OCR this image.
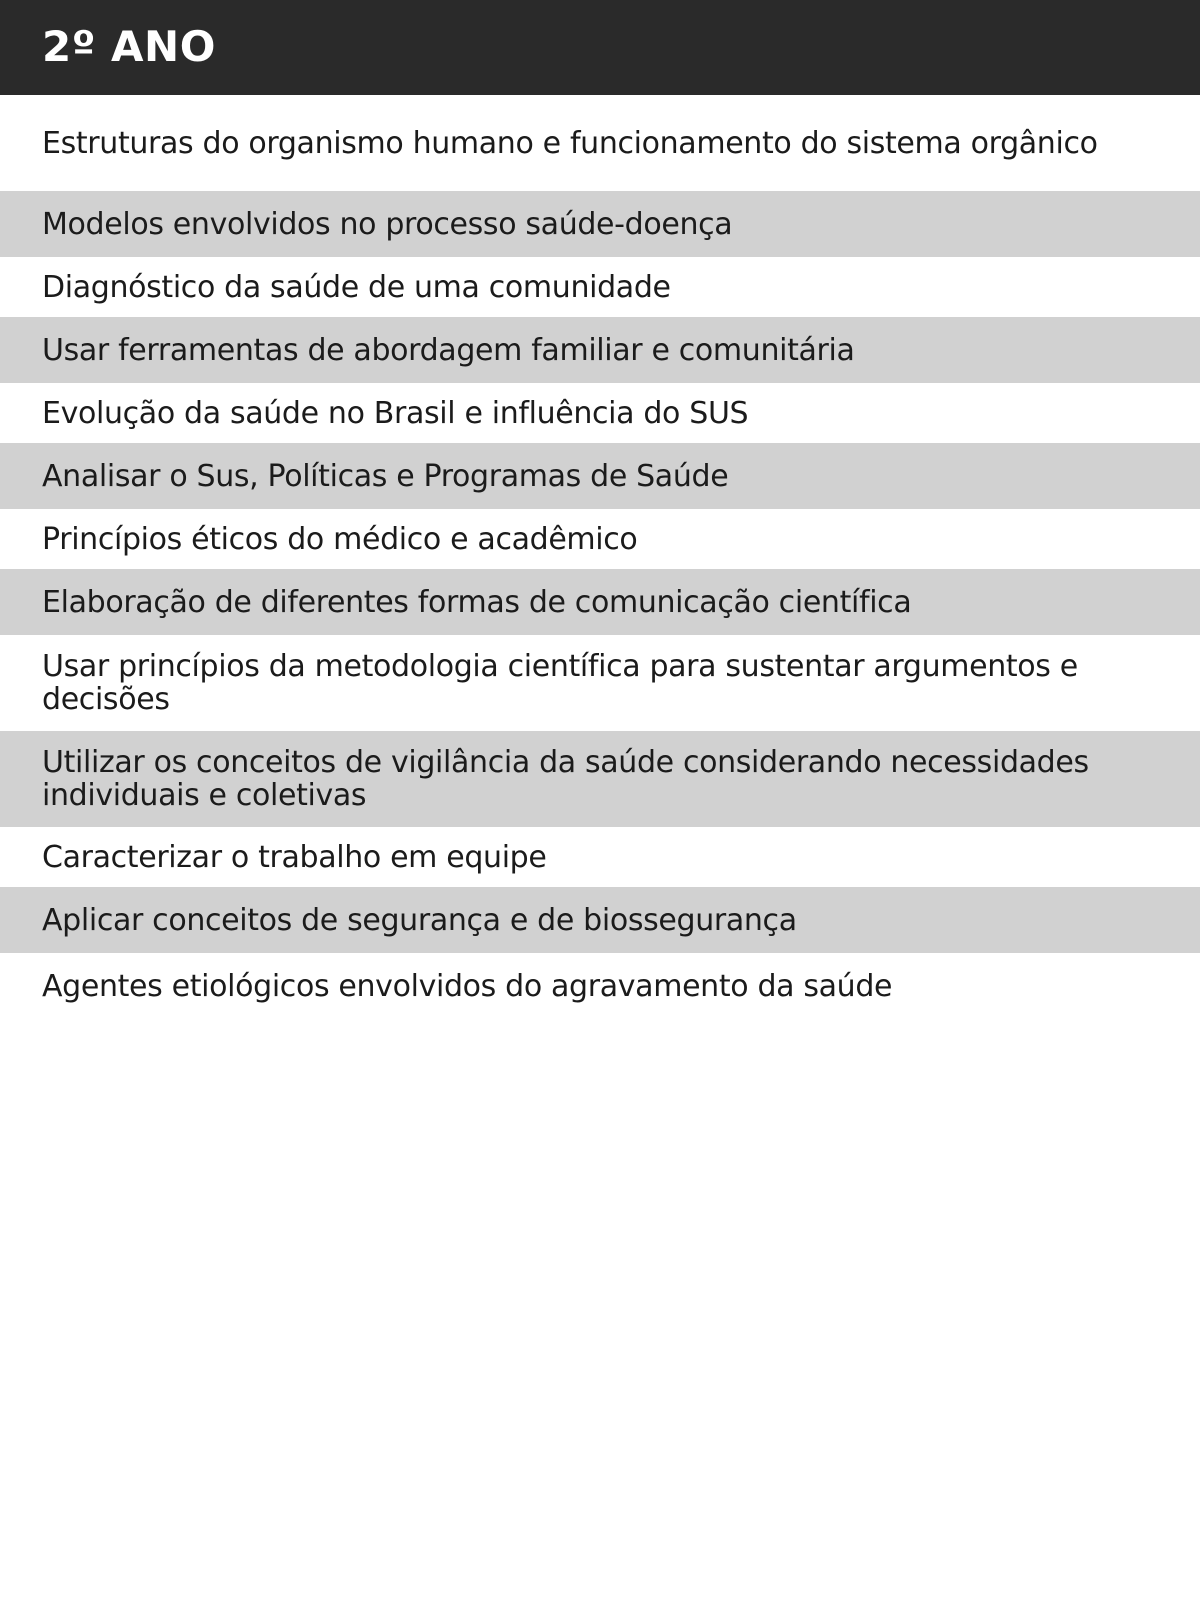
2º ANO
Estruturas do organismo humano e funcionamento do sistema orgânico
Modelos envolvidos no processo saúde-doença
Diagnóstico da saúde de uma comunidade
Usar ferramentas de abordagem familiar e comunitária
Evolução da saúde no Brasil e influência do SUS
Analisar o Sus, Políticas e Programas de Saúde
Princípios éticos do médico e acadêmico
Elaboração de diferentes formas de comunicação científica
Usar princípios da metodologia científica para sustentar argumentos e decisões
Utilizar os conceitos de vigilância da saúde considerando necessidades individuais e coletivas
Caracterizar o trabalho em equipe
Aplicar conceitos de segurança e de biossegurança
Agentes etiológicos envolvidos do agravamento da saúde
